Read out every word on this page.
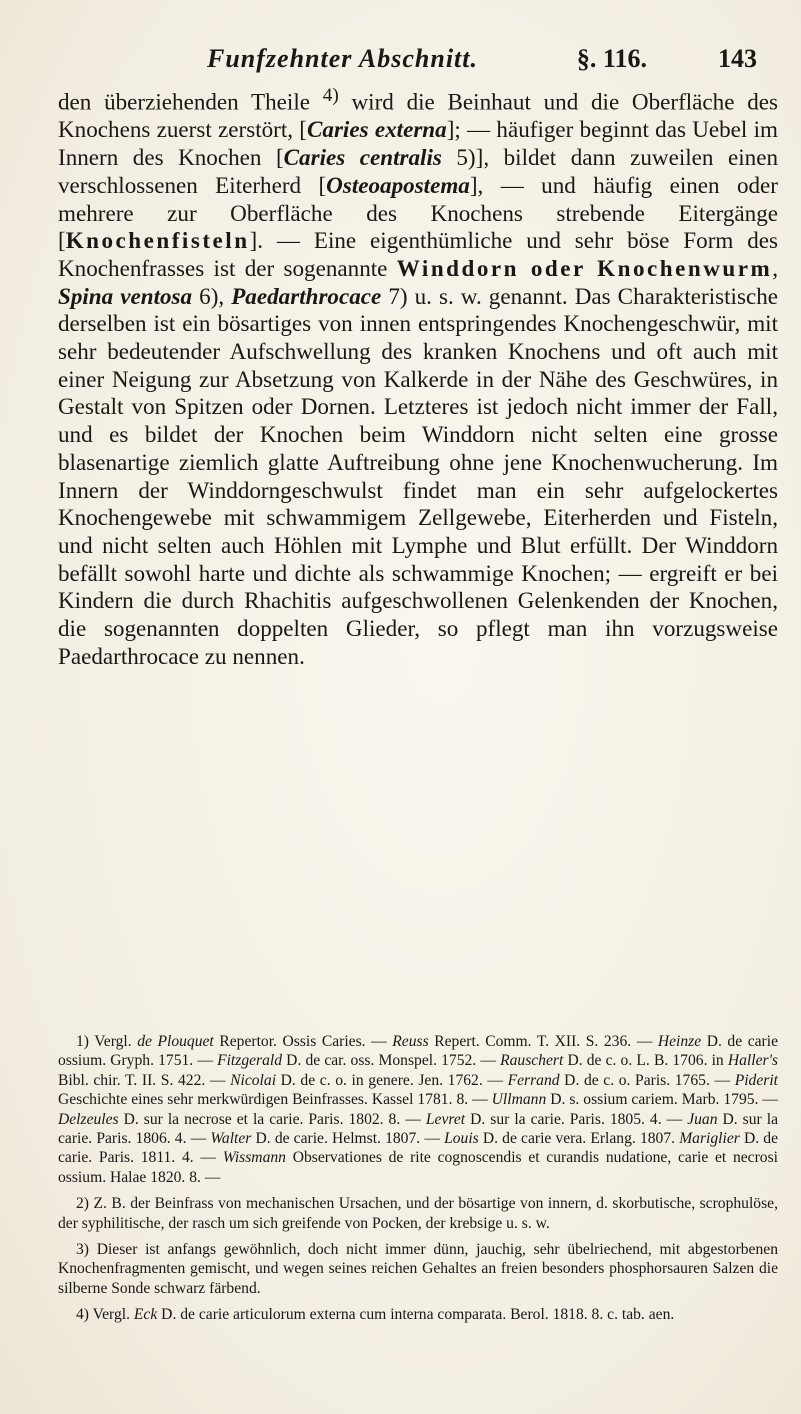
Funfzehnter Abschnitt.	§. 116.	143

den überziehenden Theile $^{4)}$ wird die Beinhaut und die Oberfläche des Knochens zuerst zerstört, [Caries externa]; — häufiger beginnt das Uebel im Innern des Knochen [Caries centralis 5)], bildet dann zuweilen einen verschlossenen Eiterherd [Osteoapostema], — und häufig einen oder mehrere zur Oberfläche des Knochens strebende Eitergänge [Knochenfisteln]. — Eine eigenthümliche und sehr böse Form des Knochenfrasses ist der sogenannte Winddorn oder Knochenwurm, Spina ventosa 6), Paedarthrocace 7) u. s. w. genannt. Das Charakteristische derselben ist ein bösartiges von innen entspringendes Knochengeschwür, mit sehr bedeutender Aufschwellung des kranken Knochens und oft auch mit einer Neigung zur Absetzung von Kalkerde in der Nähe des Geschwüres, in Gestalt von Spitzen oder Dornen. Letzteres ist jedoch nicht immer der Fall, und es bildet der Knochen beim Winddorn nicht selten eine grosse blasenartige ziemlich glatte Auftreibung ohne jene Knochenwucherung. Im Innern der Winddorngeschwulst findet man ein sehr aufgelockertes Knochengewebe mit schwammigem Zellgewebe, Eiterherden und Fisteln, und nicht selten auch Höhlen mit Lymphe und Blut erfüllt. Der Winddorn befällt sowohl harte und dichte als schwammige Knochen; — ergreift er bei Kindern die durch Rhachitis aufgeschwollenen Gelenkenden der Knochen, die sogenannten doppelten Glieder, so pflegt man ihn vorzugsweise Paedarthrocace zu nennen.

1) Vergl. de Plouquet Repertor. Ossis Caries. — Reuss Repert. Comm. T. XII. S. 236. — Heinze D. de carie ossium. Gryph. 1751. — Fitzgerald D. de car. oss. Monspel. 1752. — Rauschert D. de c. o. L. B. 1706. in Haller's Bibl. chir. T. II. S. 422. — Nicolai D. de c. o. in genere. Jen. 1762. — Ferrand D. de c. o. Paris. 1765. — Piderit Geschichte eines sehr merkwürdigen Beinfrasses. Kassel 1781. 8. — Ullmann D. s. ossium cariem. Marb. 1795. — Delzeules D. sur la necrose et la carie. Paris. 1802. 8. — Levret D. sur la carie. Paris. 1805. 4. — Juan D. sur la carie. Paris. 1806. 4. — Walter D. de carie. Helmst. 1807. — Louis D. de carie vera. Erlang. 1807. Mariglier D. de carie. Paris. 1811. 4. — Wissmann Observationes de rite cognoscendis et curandis nudatione, carie et necrosi ossium. Halae 1820. 8. —

2) Z. B. der Beinfrass von mechanischen Ursachen, und der bösartige von innern, d. skorbutische, scrophulöse, der syphilitische, der rasch um sich greifende von Pocken, der krebsige u. s. w.

3) Dieser ist anfangs gewöhnlich, doch nicht immer dünn, jauchig, sehr übelriechend, mit abgestorbenen Knochenfragmenten gemischt, und wegen seines reichen Gehaltes an freien besonders phosphorsauren Salzen die silberne Sonde schwarz färbend.

4) Vergl. Eck D. de carie articulorum externa cum interna comparata. Berol. 1818. 8. c. tab. aen.
